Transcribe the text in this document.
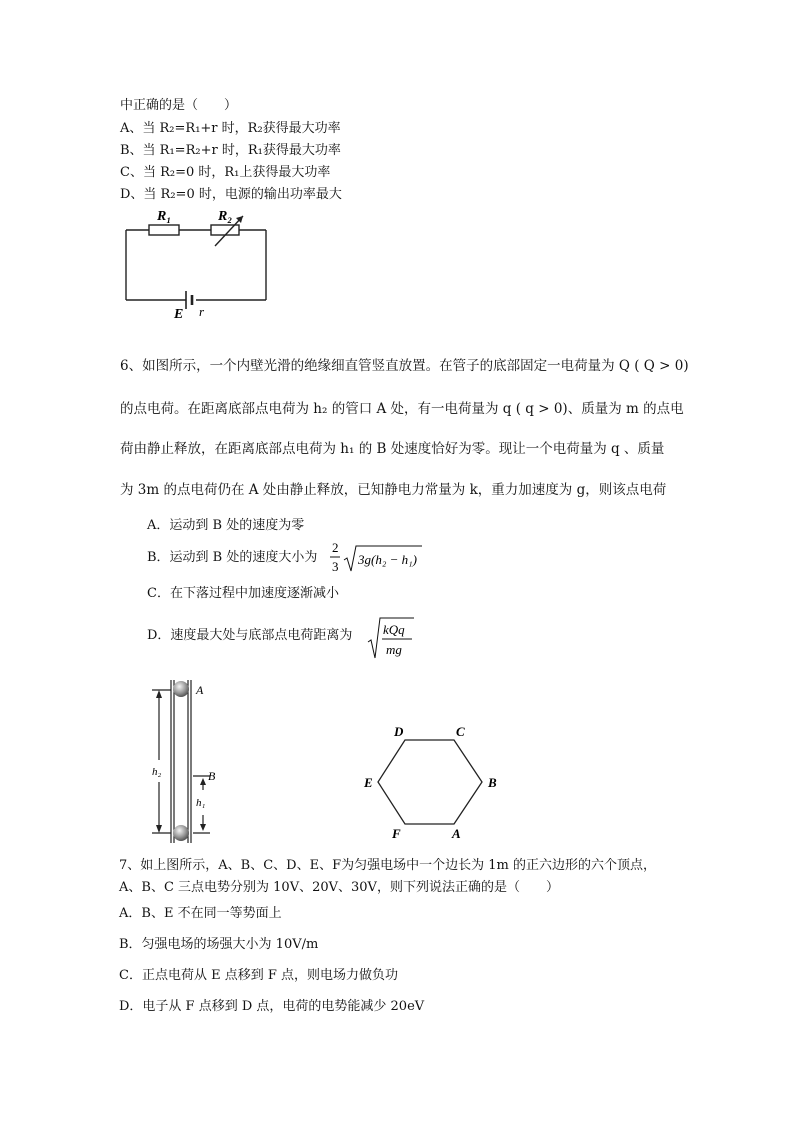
中正确的是（　　）
A、当 R₂=R₁+r 时，R₂获得最大功率
B、当 R₁=R₂+r 时，R₁获得最大功率
C、当 R₂=0 时，R₁上获得最大功率
D、当 R₂=0 时，电源的输出功率最大
R₁	R₂
E r
6、如图所示，一个内壁光滑的绝缘细直管竖直放置。在管子的底部固定一电荷量为 Q ( Q > 0)
的点电荷。在距离底部点电荷为 h₂ 的管口 A 处，有一电荷量为 q ( q > 0)、质量为 m 的点电
荷由静止释放，在距离底部点电荷为 h₁ 的 B 处速度恰好为零。现让一个电荷量为 q 、质量
为 3m 的点电荷仍在 A 处由静止释放，已知静电力常量为 k，重力加速度为 g，则该点电荷
A．运动到 B 处的速度为零
B．运动到 B 处的速度大小为
2
3 3g(h₂ − h₁)
C．在下落过程中加速度逐渐减小
D．速度最大处与底部点电荷距离为 kQq
mg
A
B
h₂
h₁
A
B
C
D
E
F
7、如上图所示，A、B、C、D、E、F为匀强电场中一个边长为 1m 的正六边形的六个顶点，
A、B、C 三点电势分别为 10V、20V、30V，则下列说法正确的是（　　）
A．B、E 不在同一等势面上
B．匀强电场的场强大小为 10V/m
C．正点电荷从 E 点移到 F 点，则电场力做负功
D．电子从 F 点移到 D 点，电荷的电势能减少 20eV
